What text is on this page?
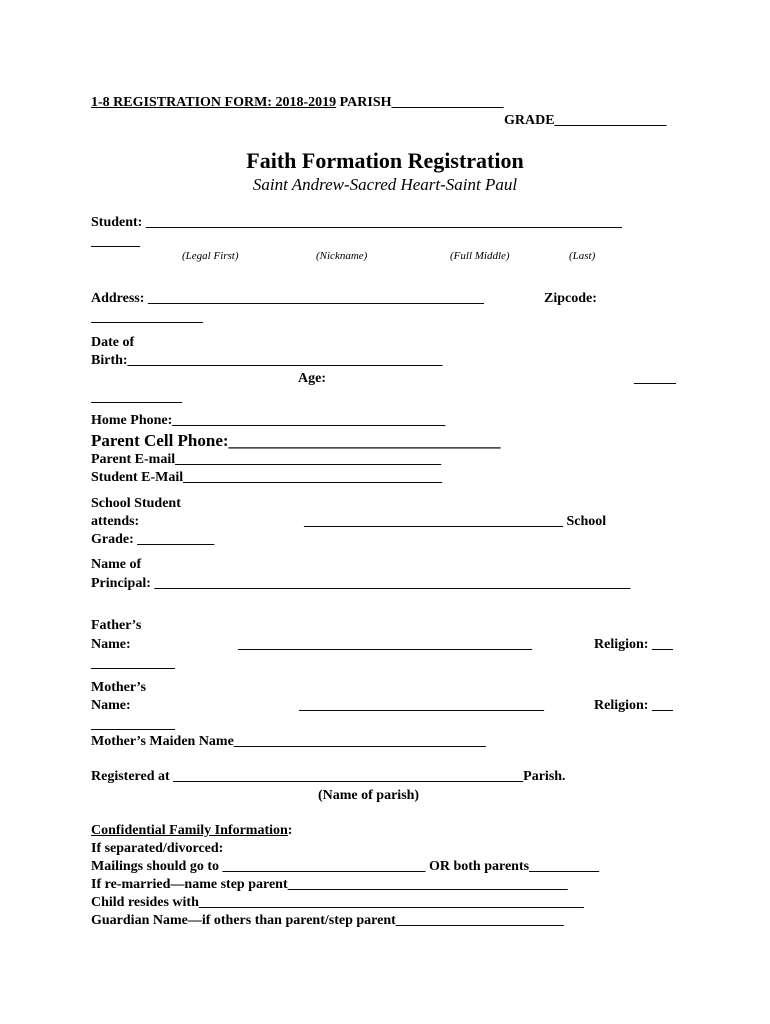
1-8 REGISTRATION FORM: 2018-2019 PARISH________________
GRADE________________
Faith Formation Registration
Saint Andrew-Sacred Heart-Saint Paul
Student: ____________________________________________________________________
_______
(Legal First)	(Nickname)	(Full Middle)	(Last)
Address: ________________________________________________	Zipcode:
________________
Date of
Birth:_____________________________________________
Age:	______
_____________
Home Phone:_______________________________________
Parent Cell Phone:________________________________
Parent E-mail______________________________________
Student E-Mail_____________________________________
School Student
attends:	_____________________________________ School
Grade: ___________
Name of
Principal: ____________________________________________________________________
Father’s
Name:	__________________________________________	Religion: ___
____________
Mother’s
Name:	___________________________________	Religion: ___
____________
Mother’s Maiden Name____________________________________
Registered at __________________________________________________Parish.
(Name of parish)
Confidential Family Information:
If separated/divorced:
Mailings should go to _____________________________ OR both parents__________
If re-married—name step parent________________________________________
Child resides with_______________________________________________________
Guardian Name—if others than parent/step parent________________________
